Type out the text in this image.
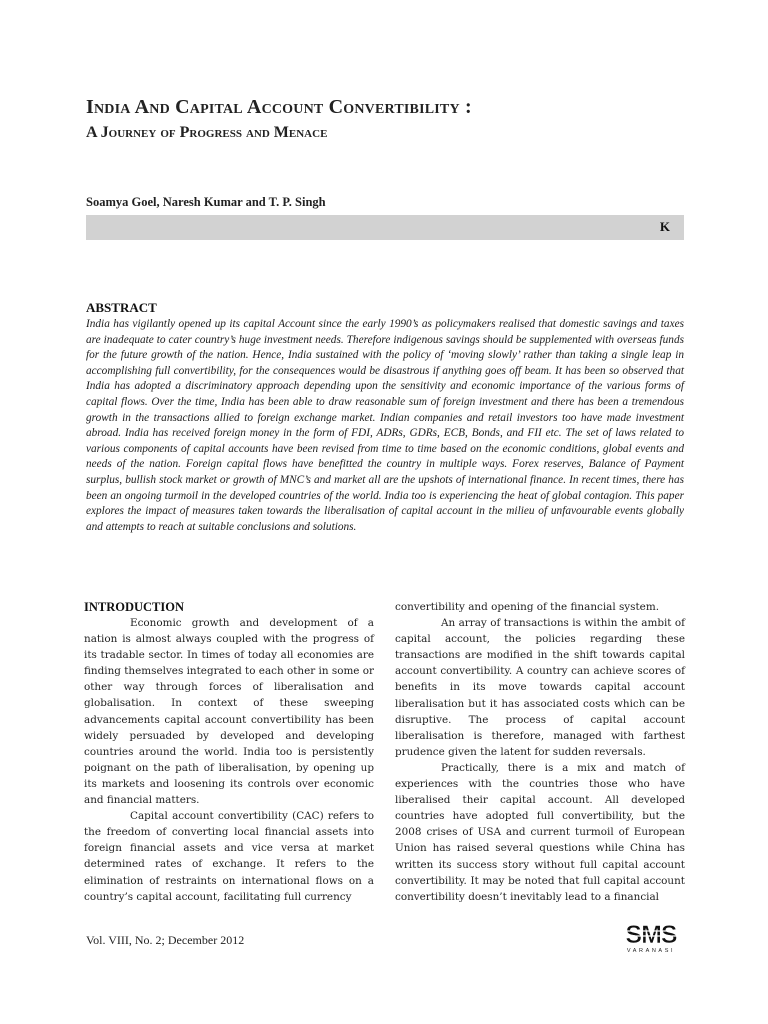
India And Capital Account Convertibility :
A Journey of Progress and Menace
Soamya Goel, Naresh Kumar and T. P. Singh
K
ABSTRACT
India has vigilantly opened up its capital Account since the early 1990’s as policymakers realised that domestic savings and taxes are inadequate to cater country’s huge investment needs. Therefore indigenous savings should be supplemented with overseas funds for the future growth of the nation. Hence, India sustained with the policy of ‘moving slowly’ rather than taking a single leap in accomplishing full convertibility, for the consequences would be disastrous if anything goes off beam. It has been so observed that India has adopted a discriminatory approach depending upon the sensitivity and economic importance of the various forms of capital flows. Over the time, India has been able to draw reasonable sum of foreign investment and there has been a tremendous growth in the transactions allied to foreign exchange market. Indian companies and retail investors too have made investment abroad. India has received foreign money in the form of FDI, ADRs, GDRs, ECB, Bonds, and FII etc. The set of laws related to various components of capital accounts have been revised from time to time based on the economic conditions, global events and needs of the nation. Foreign capital flows have benefitted the country in multiple ways. Forex reserves, Balance of Payment surplus, bullish stock market or growth of MNC’s and market all are the upshots of international finance. In recent times, there has been an ongoing turmoil in the developed countries of the world. India too is experiencing the heat of global contagion. This paper explores the impact of measures taken towards the liberalisation of capital account in the milieu of unfavourable events globally and attempts to reach at suitable conclusions and solutions.

INTRODUCTION

Economic growth and development of a nation is almost always coupled with the progress of its tradable sector. In times of today all economies are finding themselves integrated to each other in some or other way through forces of liberalisation and globalisation. In context of these sweeping advancements capital account convertibility has been widely persuaded by developed and developing countries around the world. India too is persistently poignant on the path of liberalisation, by opening up its markets and loosening its controls over economic and financial matters.

Capital account convertibility (CAC) refers to the freedom of converting local financial assets into foreign financial assets and vice versa at market determined rates of exchange. It refers to the elimination of restraints on international flows on a country’s capital account, facilitating full currency

convertibility and opening of the financial system.

An array of transactions is within the ambit of capital account, the policies regarding these transactions are modified in the shift towards capital account convertibility. A country can achieve scores of benefits in its move towards capital account liberalisation but it has associated costs which can be disruptive. The process of capital account liberalisation is therefore, managed with farthest prudence given the latent for sudden reversals.

Practically, there is a mix and match of experiences with the countries those who have liberalised their capital account. All developed countries have adopted full convertibility, but the 2008 crises of USA and current turmoil of European Union has raised several questions while China has written its success story without full capital account convertibility. It may be noted that full capital account convertibility doesn’t inevitably lead to a financial

Vol. VIII, No. 2; December 2012	SMS
VARANASI
